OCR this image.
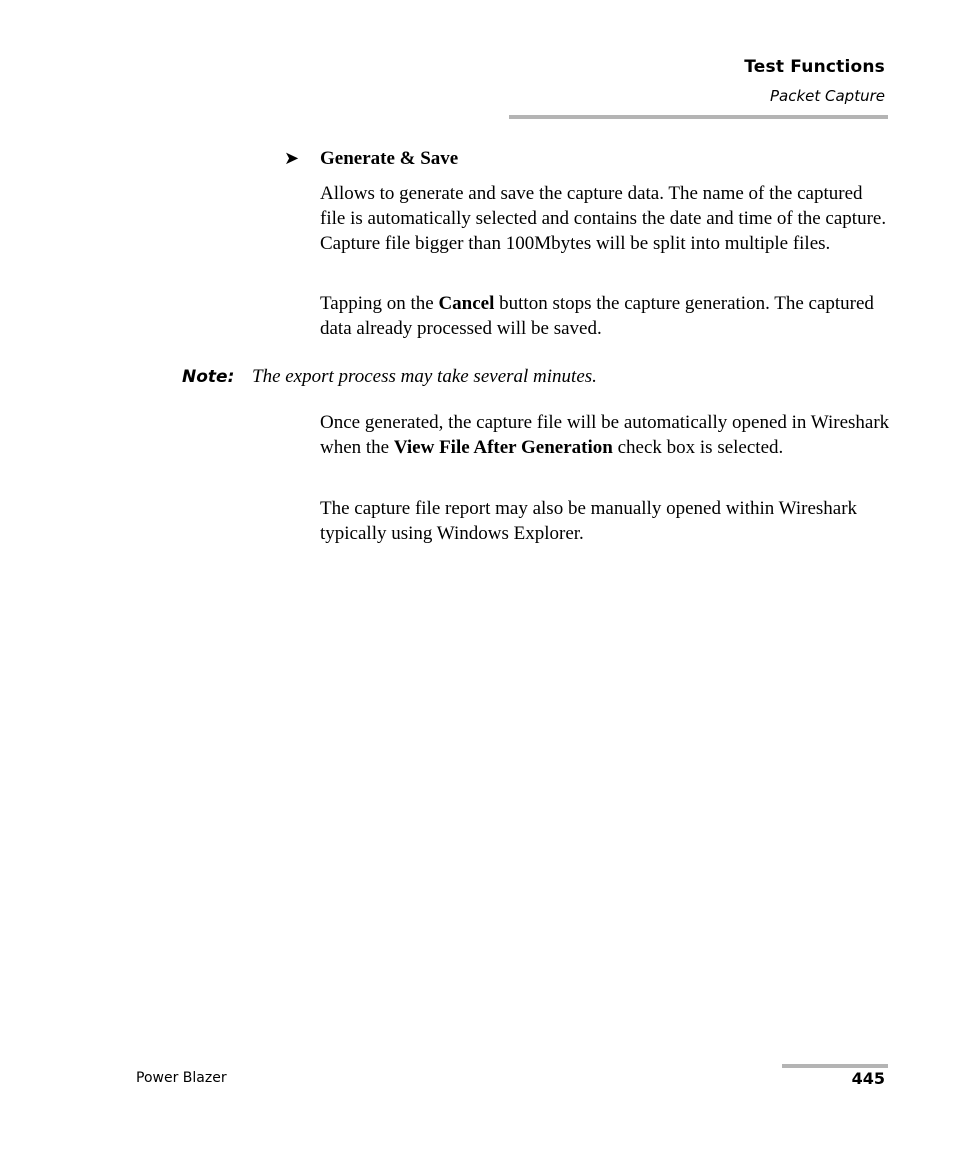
Test Functions
Packet Capture
➤ Generate & Save

Allows to generate and save the capture data. The name of the captured file is automatically selected and contains the date and time of the capture. Capture file bigger than 100Mbytes will be split into multiple files.

Tapping on the Cancel button stops the capture generation. The captured data already processed will be saved.

Note: The export process may take several minutes.

Once generated, the capture file will be automatically opened in Wireshark when the View File After Generation check box is selected.

The capture file report may also be manually opened within Wireshark typically using Windows Explorer.

Power Blazer	445
